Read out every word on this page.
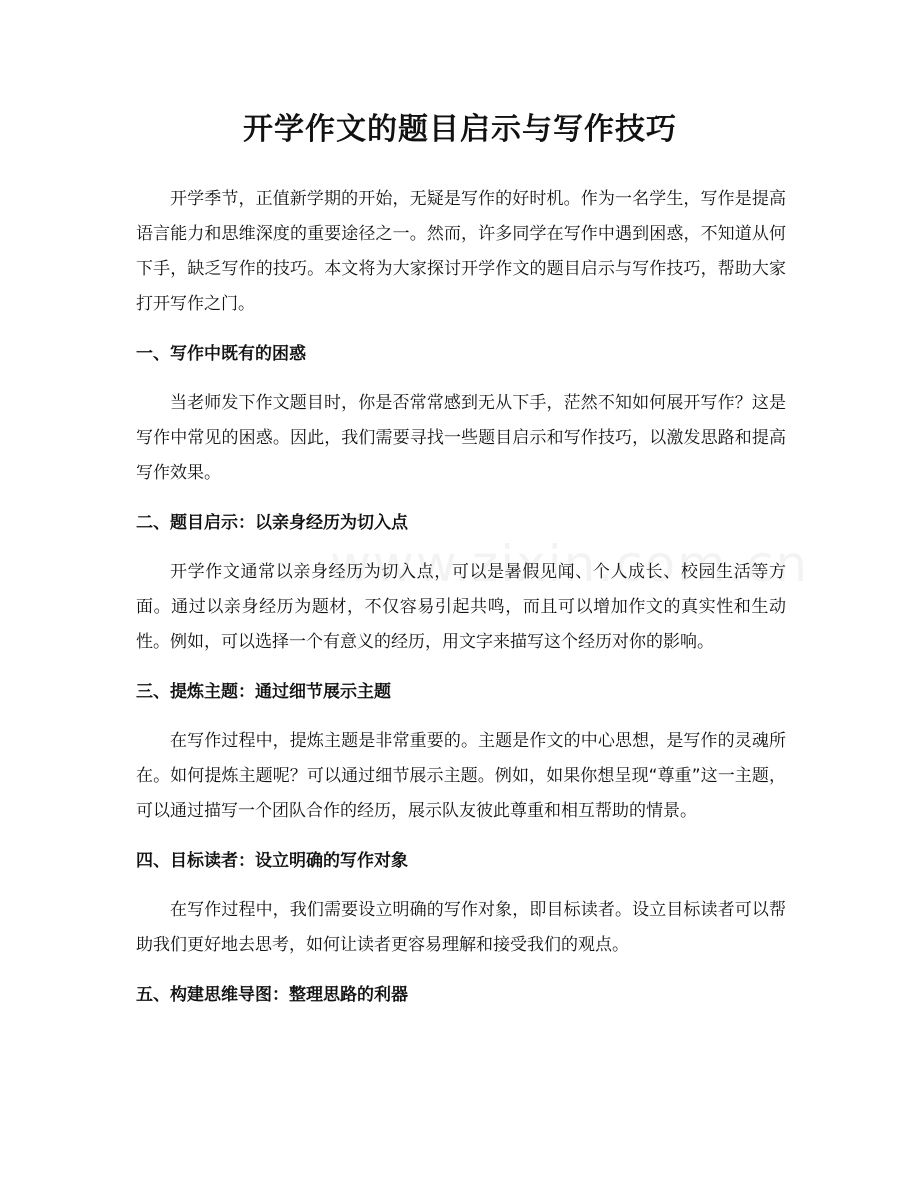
开学作文的题目启示与写作技巧

开学季节，正值新学期的开始，无疑是写作的好时机。作为一名学生，写作是提高语言能力和思维深度的重要途径之一。然而，许多同学在写作中遇到困惑，不知道从何下手，缺乏写作的技巧。本文将为大家探讨开学作文的题目启示与写作技巧，帮助大家打开写作之门。

一、写作中既有的困惑

当老师发下作文题目时，你是否常常感到无从下手，茫然不知如何展开写作？这是写作中常见的困惑。因此，我们需要寻找一些题目启示和写作技巧，以激发思路和提高写作效果。

二、题目启示：以亲身经历为切入点

开学作文通常以亲身经历为切入点，可以是暑假见闻、个人成长、校园生活等方面。通过以亲身经历为题材，不仅容易引起共鸣，而且可以增加作文的真实性和生动性。例如，可以选择一个有意义的经历，用文字来描写这个经历对你的影响。

三、提炼主题：通过细节展示主题

在写作过程中，提炼主题是非常重要的。主题是作文的中心思想，是写作的灵魂所在。如何提炼主题呢？可以通过细节展示主题。例如，如果你想呈现“尊重”这一主题，可以通过描写一个团队合作的经历，展示队友彼此尊重和相互帮助的情景。

四、目标读者：设立明确的写作对象

在写作过程中，我们需要设立明确的写作对象，即目标读者。设立目标读者可以帮助我们更好地去思考，如何让读者更容易理解和接受我们的观点。

五、构建思维导图：整理思路的利器
